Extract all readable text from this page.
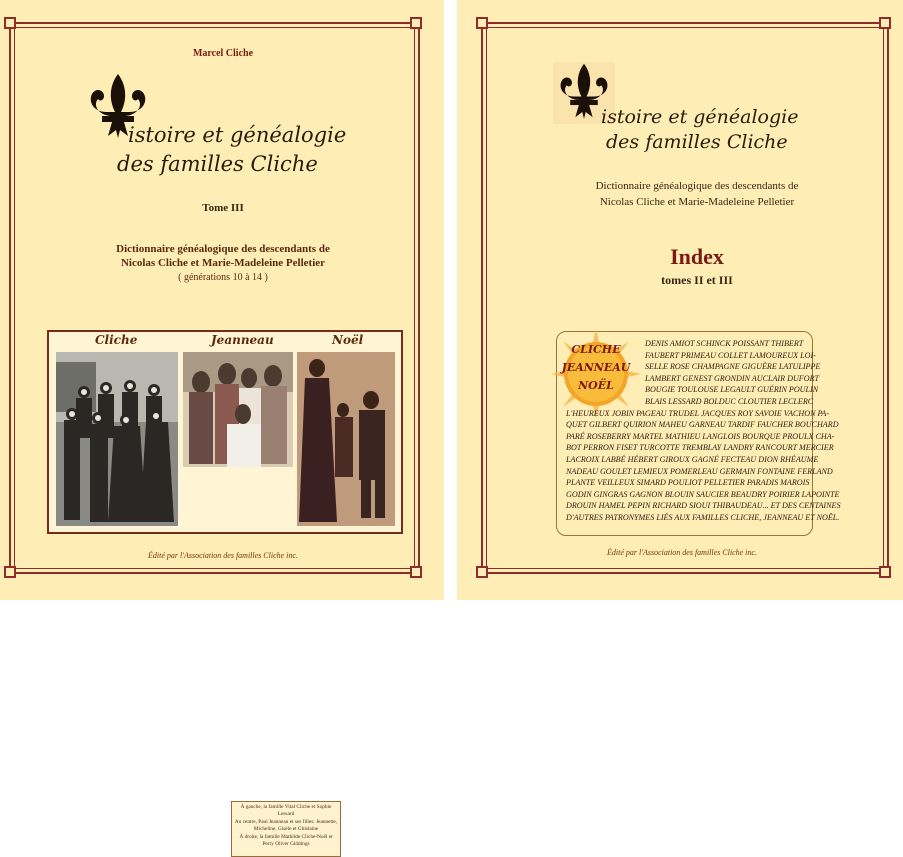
Marcel Cliche
istoire et généalogie
des familles Cliche
Tome III
Dictionnaire généalogique des descendants de
Nicolas Cliche et Marie-Madeleine Pelletier
( générations 10 à 14 )
Cliche	Jeanneau	Noël

À gauche, la famille Vital Cliche et Sophie Lessard

Au centre, Paul Jeanneau et ses filles: Jeannette, Micheline, Gisèle et Ghislaine

À droite, la famille Mathilde Cliche-Noël et Perry Oliver Giddings

Édité par l'Association des familles Cliche inc.
istoire et généalogie
des familles Cliche
Dictionnaire généalogique des descendants de
Nicolas Cliche et Marie-Madeleine Pelletier
Index
tomes II et III
CLICHE
JEANNEAU
NOËL
DENIS AMIOT SCHINCK POISSANT THIBERT
FAUBERT PRIMEAU COLLET LAMOUREUX LOI-
SELLE ROSE CHAMPAGNE GIGUÈRE LATULIPPE
LAMBERT GENEST GRONDIN AUCLAIR DUFORT
BOUGIE TOULOUSE LEGAULT GUÉRIN POULIN
BLAIS LESSARD BOLDUC CLOUTIER LECLERC
L'HEUREUX JOBIN PAGEAU TRUDEL JACQUES ROY SAVOIE VACHON PA-
QUET GILBERT QUIRION MAHEU GARNEAU TARDIF FAUCHER BOUCHARD
PARÉ ROSEBERRY MARTEL MATHIEU LANGLOIS BOURQUE PROULX CHA-
BOT PERRON FISET TURCOTTE TREMBLAY LANDRY RANCOURT MERCIER
LACROIX LABBÉ HÉBERT GIROUX GAGNÉ FECTEAU DION RHÉAUME
NADEAU GOULET LEMIEUX POMERLEAU GERMAIN FONTAINE FERLAND
PLANTE VEILLEUX SIMARD POULIOT PELLETIER PARADIS MAROIS
GODIN GINGRAS GAGNON BLOUIN SAUCIER BEAUDRY POIRIER LAPOINTE
DROUIN HAMEL PEPIN RICHARD SIOUI THIBAUDEAU... ET DES CENTAINES
D'AUTRES PATRONYMES LIÉS AUX FAMILLES CLICHE, JEANNEAU ET NOËL.
Édité par l'Association des familles Cliche inc.
